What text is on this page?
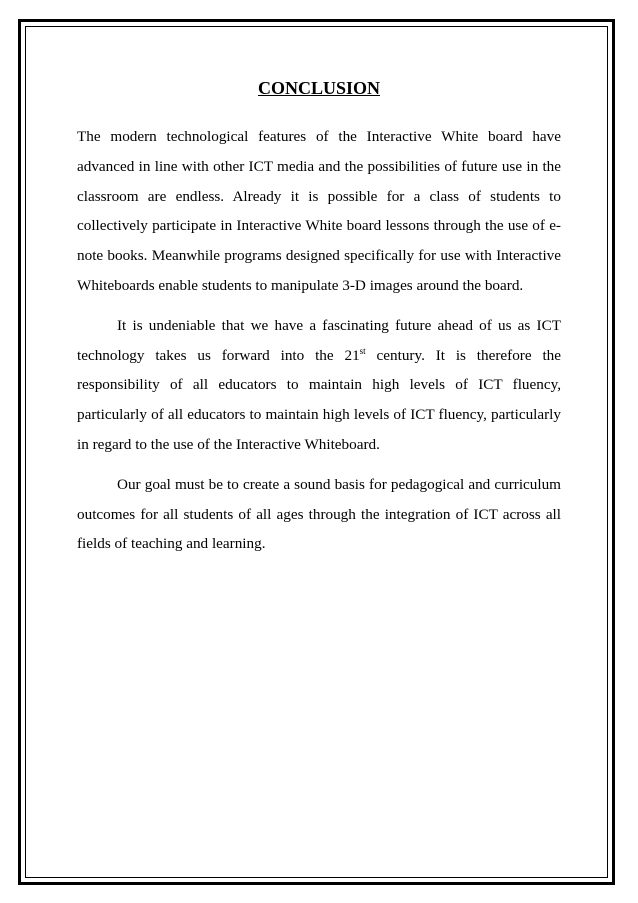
CONCLUSION

The modern technological features of the Interactive White board have advanced in line with other ICT media and the possibilities of future use in the classroom are endless. Already it is possible for a class of students to collectively participate in Interactive White board lessons through the use of e-note books. Meanwhile programs designed specifically for use with Interactive Whiteboards enable students to manipulate 3-D images around the board.

It is undeniable that we have a fascinating future ahead of us as ICT technology takes us forward into the 21st century. It is therefore the responsibility of all educators to maintain high levels of ICT fluency, particularly of all educators to maintain high levels of ICT fluency, particularly in regard to the use of the Interactive Whiteboard.

Our goal must be to create a sound basis for pedagogical and curriculum outcomes for all students of all ages through the integration of ICT across all fields of teaching and learning.
